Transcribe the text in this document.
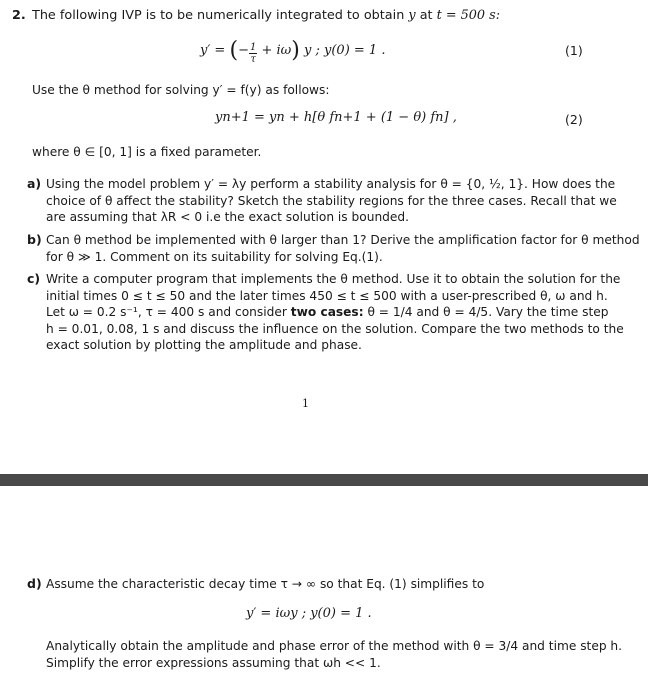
2. The following IVP is to be numerically integrated to obtain y at t = 500 s:
y′ = (− $\frac{1}{\tau} + i\omega$) y ; y(0) = 1 .	(1)
Use the θ method for solving y′ = f(y) as follows:
yn+1 = yn + h[θ fn+1 + (1 − θ) fn] ,	(2)
where θ ∈ [0, 1] is a fixed parameter.
a) Using the model problem y′ = λy perform a stability analysis for θ = {0, ½, 1}. How does the
choice of θ affect the stability? Sketch the stability regions for the three cases. Recall that we
are assuming that λR < 0 i.e the exact solution is bounded.
b) Can θ method be implemented with θ larger than 1? Derive the amplification factor for θ method
for θ ≫ 1. Comment on its suitability for solving Eq.(1).
c) Write a computer program that implements the θ method. Use it to obtain the solution for the
initial times 0 ≤ t ≤ 50 and the later times 450 ≤ t ≤ 500 with a user-prescribed θ, ω and h.
Let ω = 0.2 s⁻¹, τ = 400 s and consider two cases: θ = 1/4 and θ = 4/5. Vary the time step
h = 0.01, 0.08, 1 s and discuss the influence on the solution. Compare the two methods to the
exact solution by plotting the amplitude and phase.
1
d) Assume the characteristic decay time τ → ∞ so that Eq. (1) simplifies to
y′ = iωy ; y(0) = 1 .
Analytically obtain the amplitude and phase error of the method with θ = 3/4 and time step h.
Simplify the error expressions assuming that ωh << 1.
